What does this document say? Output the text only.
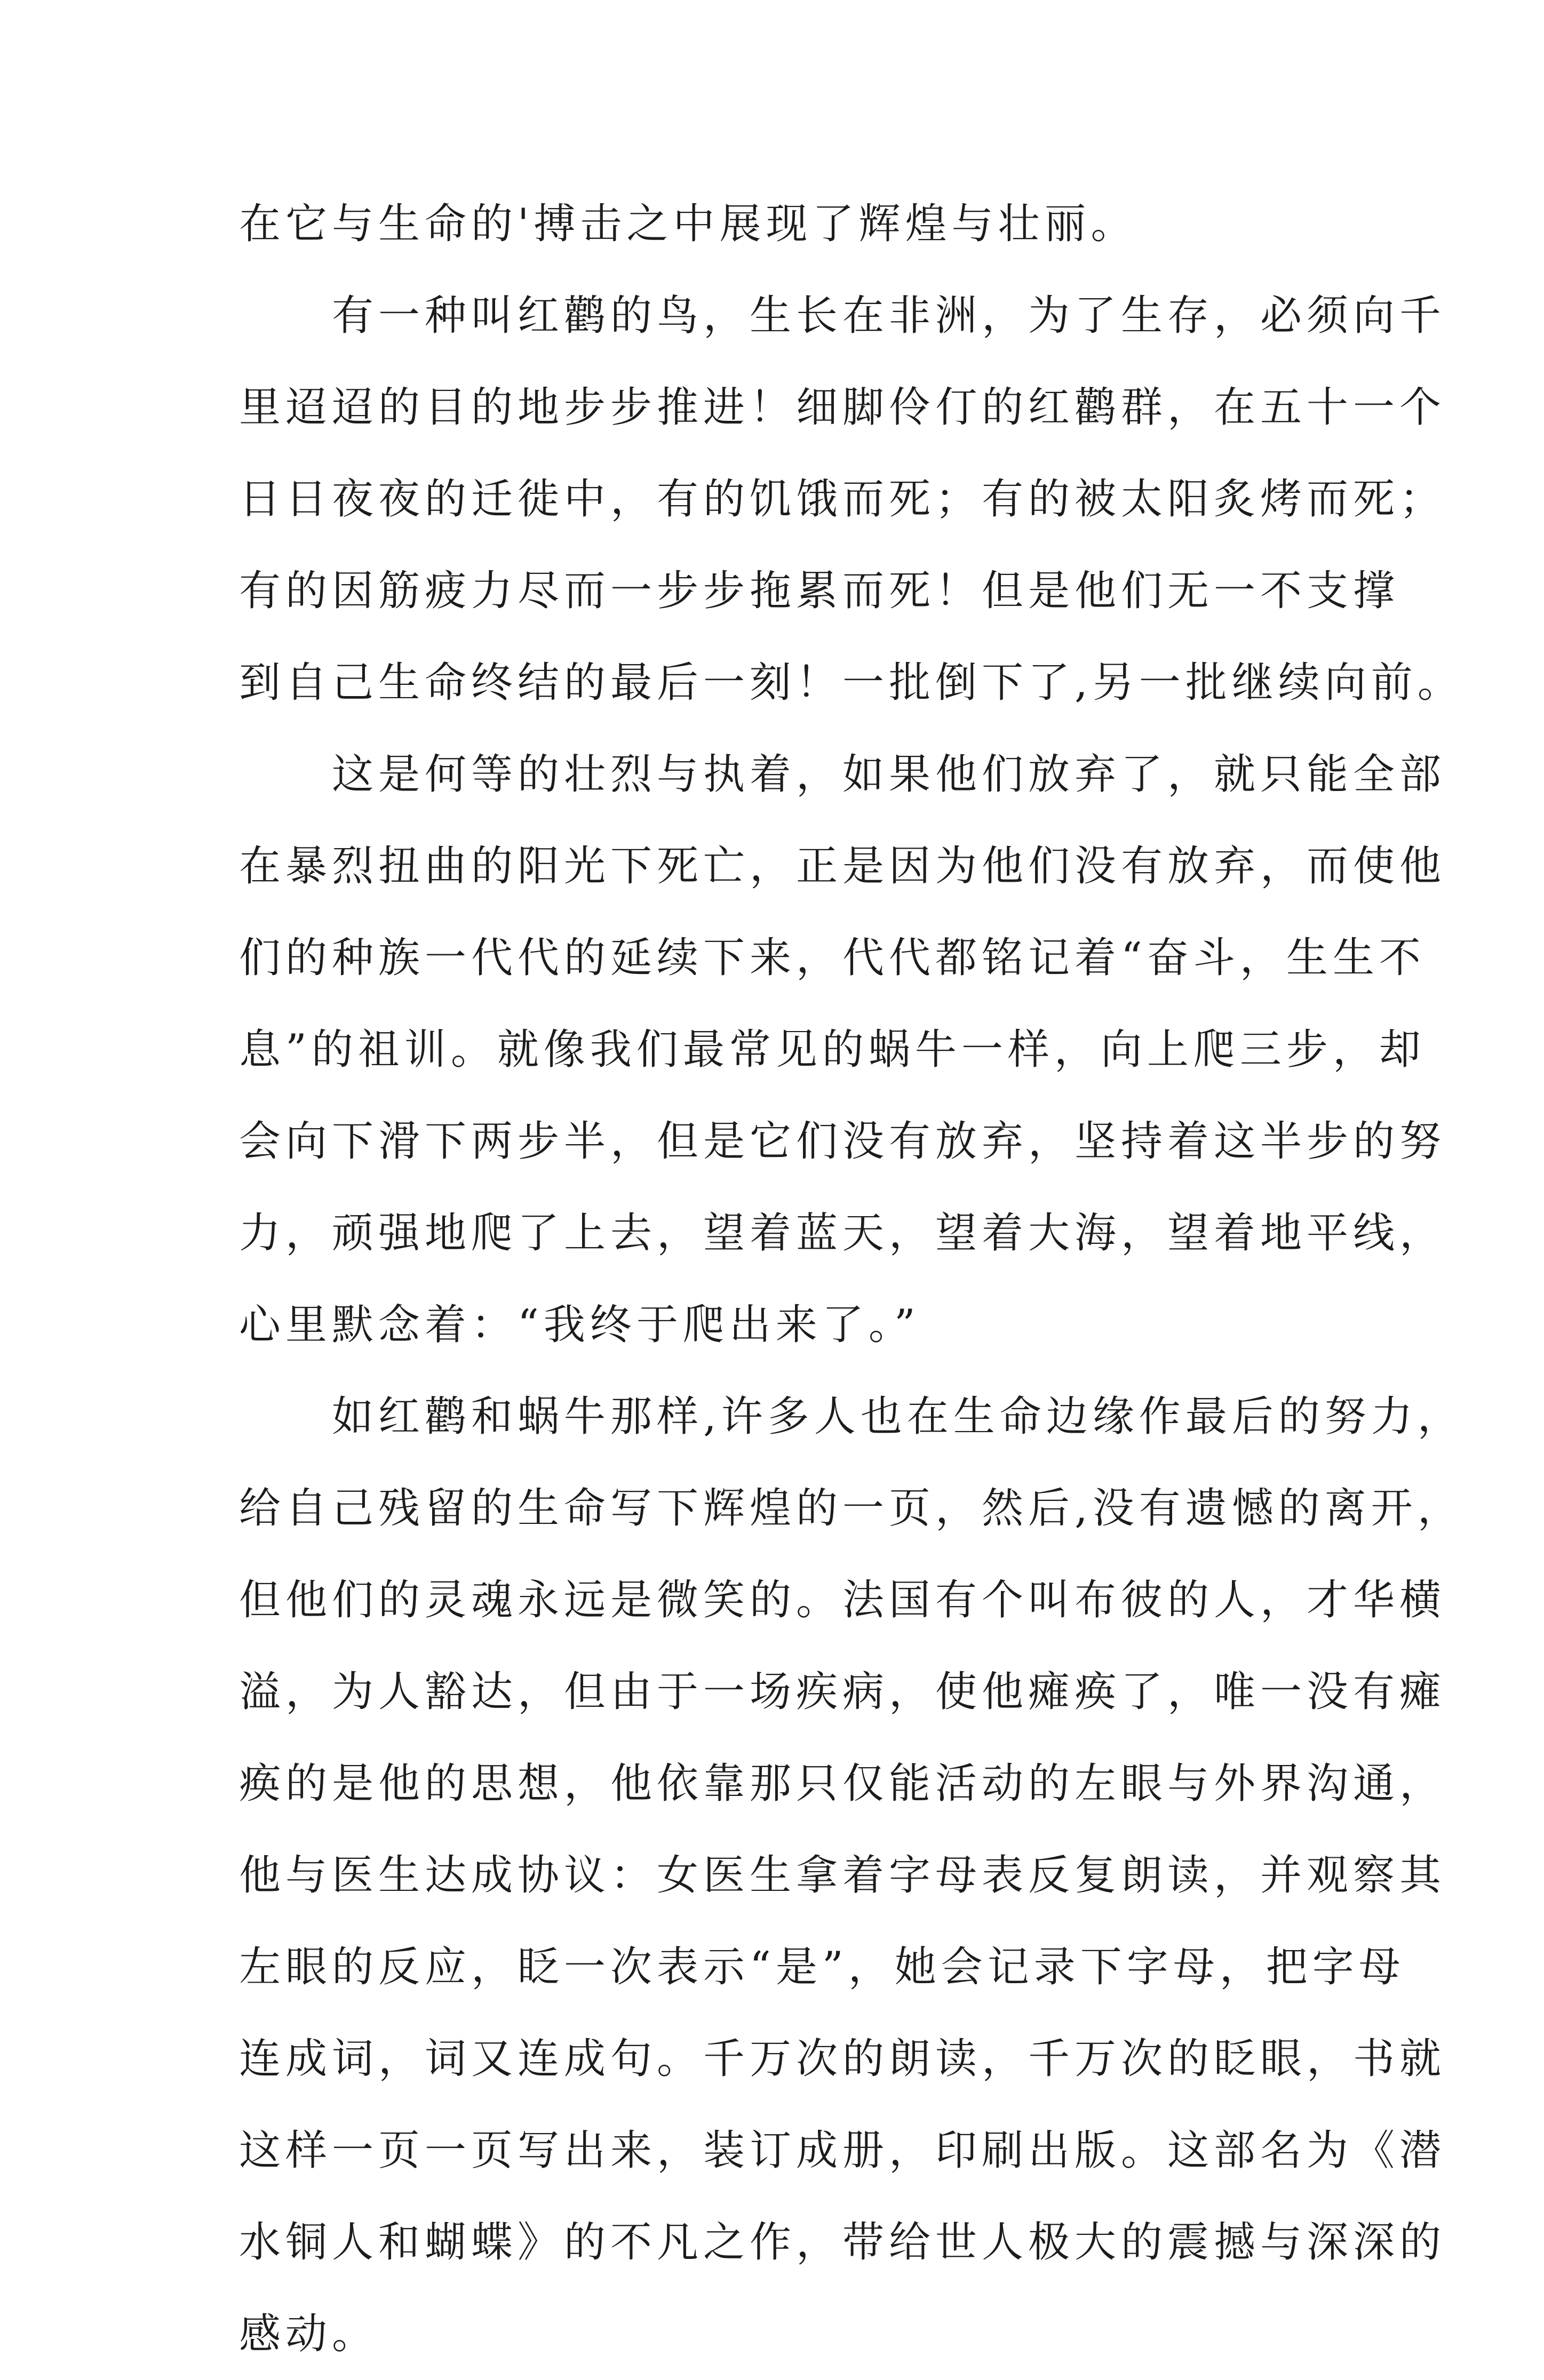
在它与生命的'搏击之中展现了辉煌与壮丽。

　　有一种叫红鹳的鸟，生长在非洲，为了生存，必须向千

里迢迢的目的地步步推进！细脚伶仃的红鹳群，在五十一个

日日夜夜的迁徙中，有的饥饿而死；有的被太阳炙烤而死；

有的因筋疲力尽而一步步拖累而死！但是他们无一不支撑

到自己生命终结的最后一刻！一批倒下了,另一批继续向前。

　　这是何等的壮烈与执着，如果他们放弃了，就只能全部

在暴烈扭曲的阳光下死亡，正是因为他们没有放弃，而使他

们的种族一代代的延续下来，代代都铭记着“奋斗，生生不

息”的祖训。就像我们最常见的蜗牛一样，向上爬三步，却

会向下滑下两步半，但是它们没有放弃，坚持着这半步的努

力，顽强地爬了上去，望着蓝天，望着大海，望着地平线，

心里默念着：“我终于爬出来了。”

　　如红鹳和蜗牛那样,许多人也在生命边缘作最后的努力，

给自己残留的生命写下辉煌的一页，然后,没有遗憾的离开，

但他们的灵魂永远是微笑的。法国有个叫布彼的人，才华横

溢，为人豁达，但由于一场疾病，使他瘫痪了，唯一没有瘫

痪的是他的思想，他依靠那只仅能活动的左眼与外界沟通，

他与医生达成协议：女医生拿着字母表反复朗读，并观察其

左眼的反应，眨一次表示“是”，她会记录下字母，把字母

连成词，词又连成句。千万次的朗读，千万次的眨眼，书就

这样一页一页写出来，装订成册，印刷出版。这部名为《潜

水铜人和蝴蝶》的不凡之作，带给世人极大的震撼与深深的

感动。
